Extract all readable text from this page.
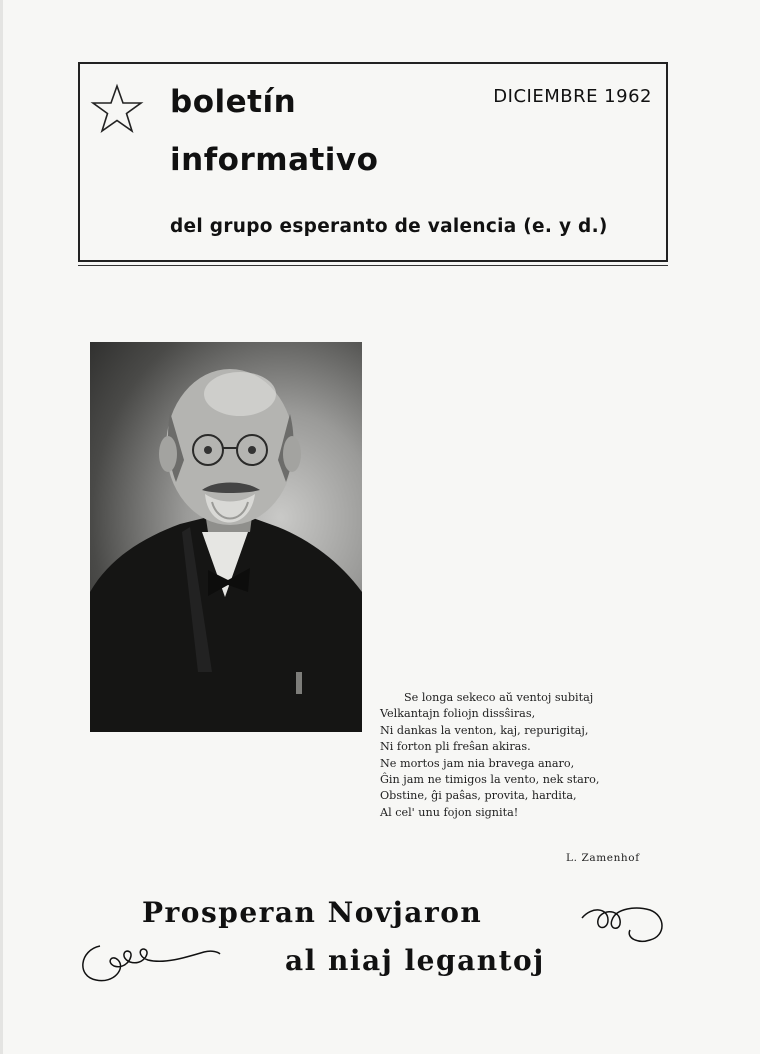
boletín
informativo
DICIEMBRE 1962
del grupo esperanto de valencia (e. y d.)
Se longa sekeco aŭ ventoj subitaj
Velkantajn foliojn dissŝiras,
Ni dankas la venton, kaj, repurigitaj,
Ni forton pli freŝan akiras.
Ne mortos jam nia bravega anaro,
Ĝin jam ne timigos la vento, nek staro,
Obstine, ĝi paŝas, provita, hardita,
Al cel' unu fojon signita!
L. Zamenhof
Prosperan Novjaron
al niaj legantoj
